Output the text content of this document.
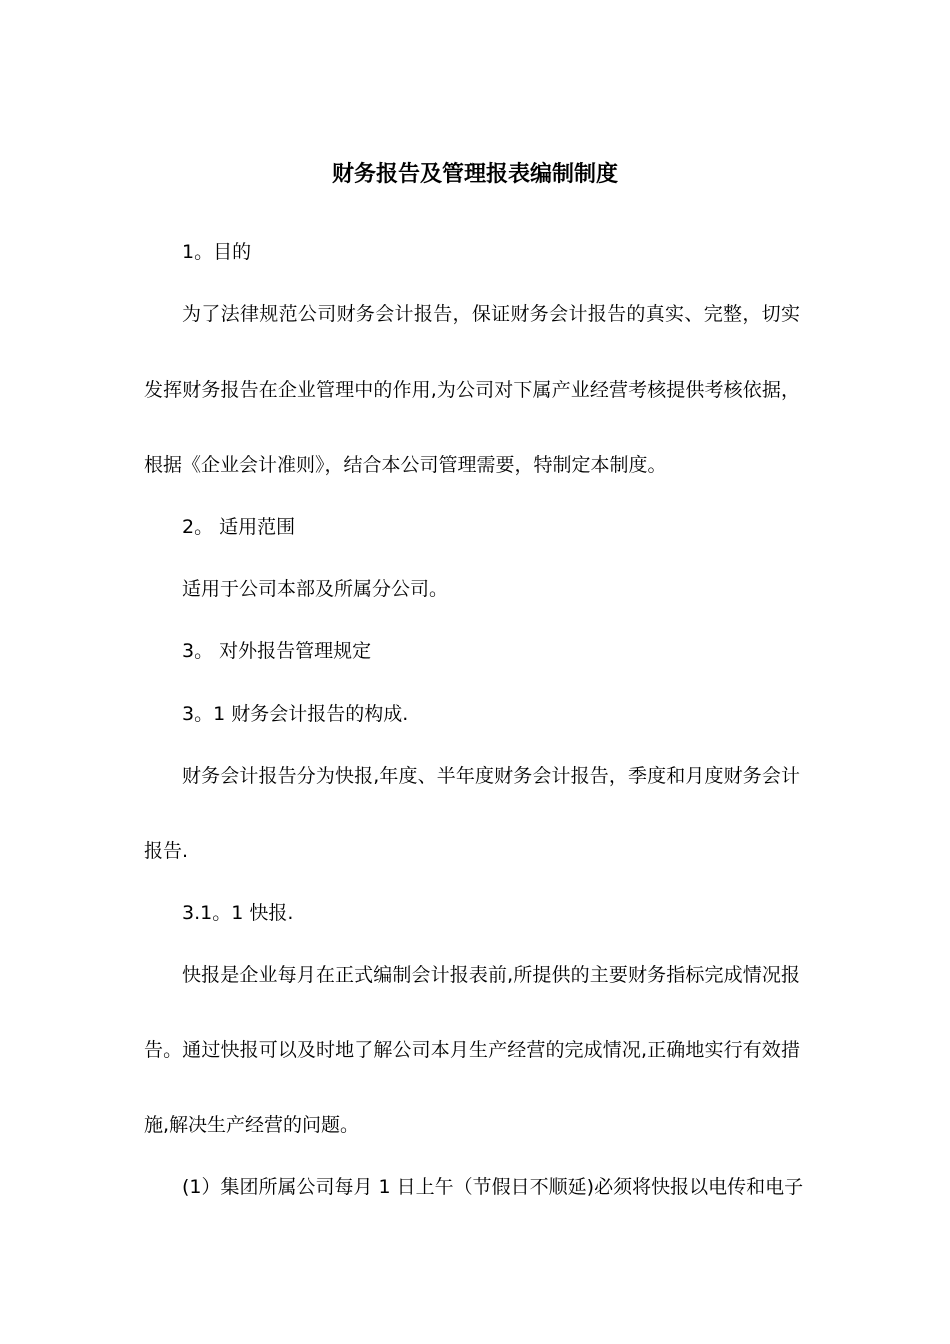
财务报告及管理报表编制制度
1。目的
为了法律规范公司财务会计报告，保证财务会计报告的真实、完整，切实
发挥财务报告在企业管理中的作用,为公司对下属产业经营考核提供考核依据，
根据《企业会计准则》，结合本公司管理需要，特制定本制度。
2。 适用范围
适用于公司本部及所属分公司。
3。 对外报告管理规定
3。1 财务会计报告的构成.
财务会计报告分为快报,年度、半年度财务会计报告，季度和月度财务会计
报告.
3.1。1 快报.
快报是企业每月在正式编制会计报表前,所提供的主要财务指标完成情况报
告。通过快报可以及时地了解公司本月生产经营的完成情况,正确地实行有效措
施,解决生产经营的问题。
(1）集团所属公司每月 1 日上午（节假日不顺延)必须将快报以电传和电子
